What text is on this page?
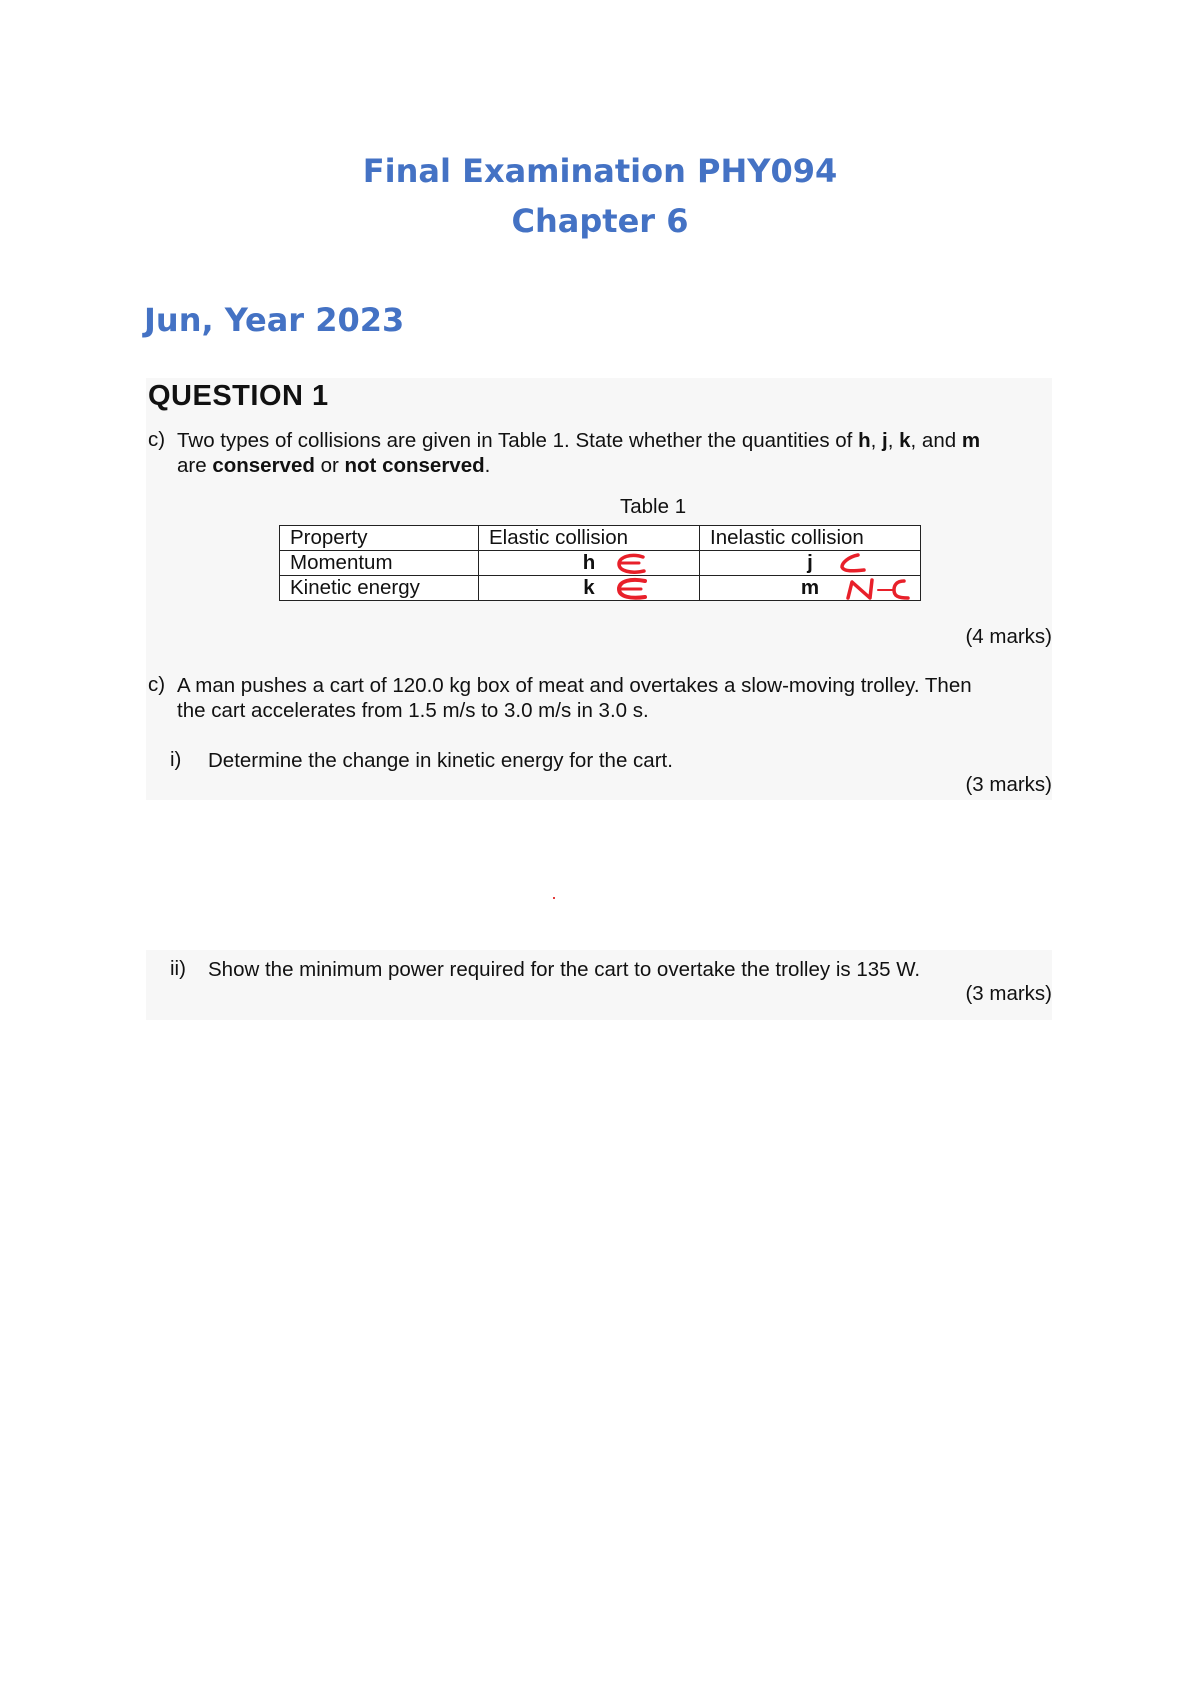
Final Examination PHY094
Chapter 6
Jun, Year 2023
QUESTION 1
c) Two types of collisions are given in Table 1. State whether the quantities of h, j, k, and m
are conserved or not conserved.
Table 1
Property	Elastic collision	Inelastic collision
Momentum	h	j

Kinetic energy	k	m
(4 marks)
c) A man pushes a cart of 120.0 kg box of meat and overtakes a slow-moving trolley. Then
the cart accelerates from 1.5 m/s to 3.0 m/s in 3.0 s.
i) Determine the change in kinetic energy for the cart.
(3 marks)
ii) Show the minimum power required for the cart to overtake the trolley is 135 W.
(3 marks)
